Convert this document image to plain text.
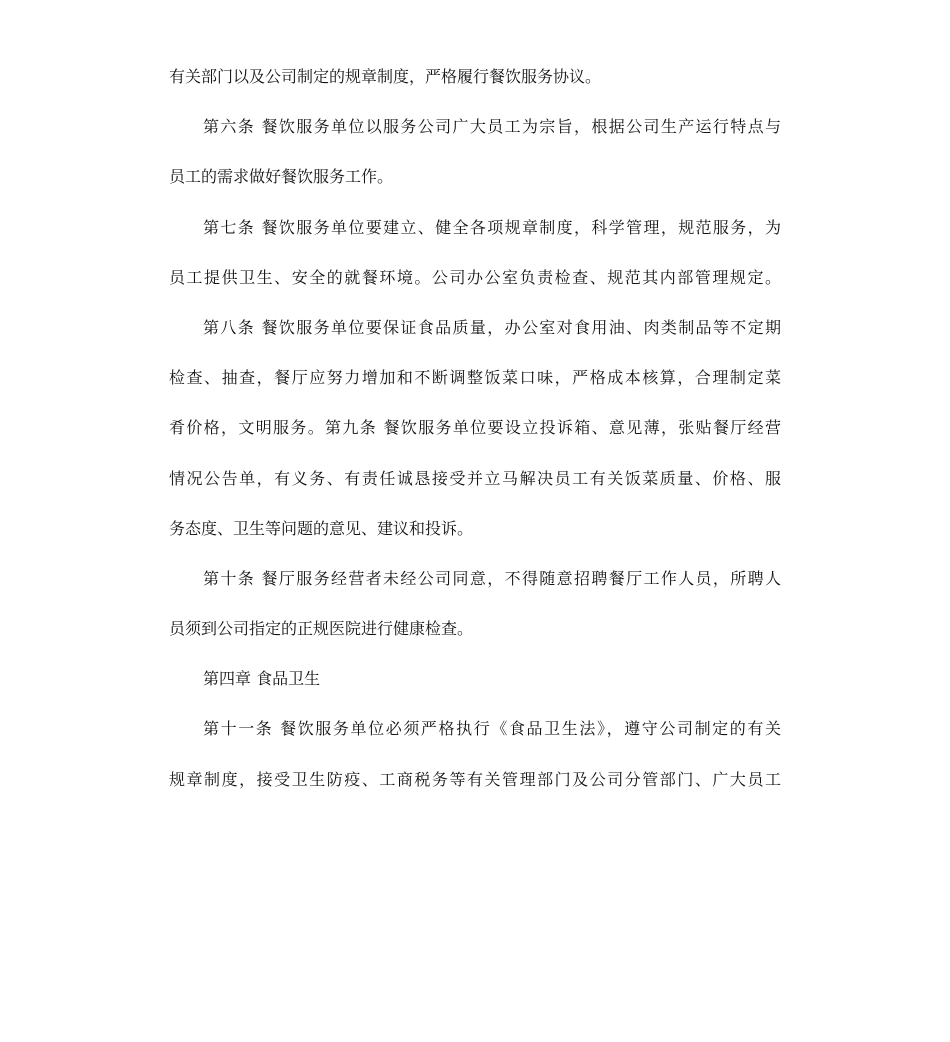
有关部门以及公司制定的规章制度，严格履行餐饮服务协议。
第六条 餐饮服务单位以服务公司广大员工为宗旨，根据公司生产运行特点与
员工的需求做好餐饮服务工作。
第七条 餐饮服务单位要建立、健全各项规章制度，科学管理，规范服务，为
员工提供卫生、安全的就餐环境。公司办公室负责检查、规范其内部管理规定。
第八条 餐饮服务单位要保证食品质量，办公室对食用油、肉类制品等不定期
检查、抽查，餐厅应努力增加和不断调整饭菜口味，严格成本核算，合理制定菜
肴价格，文明服务。第九条 餐饮服务单位要设立投诉箱、意见薄，张贴餐厅经营
情况公告单，有义务、有责任诚恳接受并立马解决员工有关饭菜质量、价格、服
务态度、卫生等问题的意见、建议和投诉。
第十条 餐厅服务经营者未经公司同意，不得随意招聘餐厅工作人员，所聘人
员须到公司指定的正规医院进行健康检查。
第四章 食品卫生
第十一条 餐饮服务单位必须严格执行《食品卫生法》，遵守公司制定的有关
规章制度，接受卫生防疫、工商税务等有关管理部门及公司分管部门、广大员工
